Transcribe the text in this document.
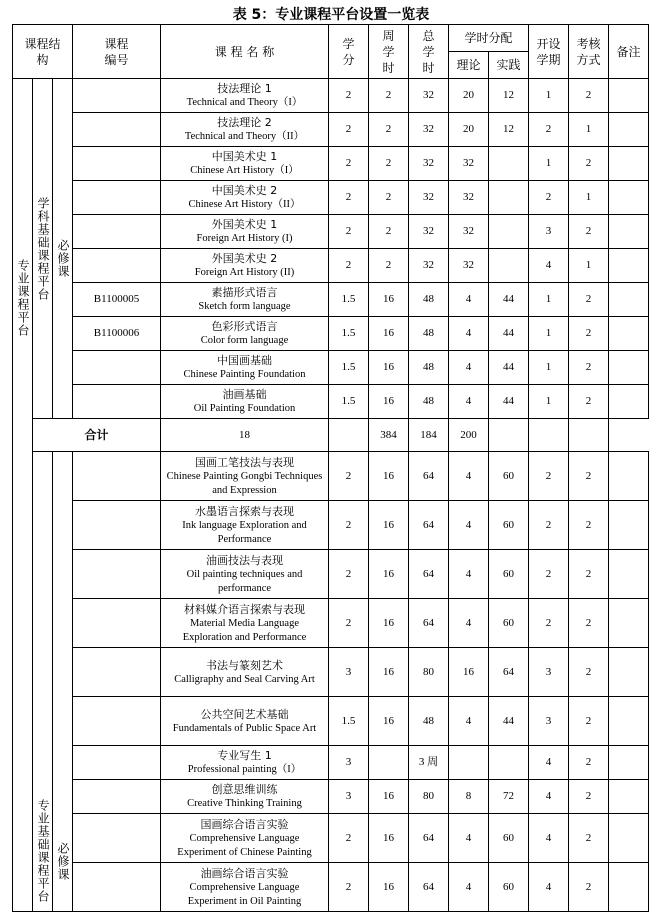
表 5：专业课程平台设置一览表
课程结构			课程编号	课 程 名 称	学分	周学时	总学时	学时分配		开设学期	考核方式	备注
								理论	实践			

专业课程平台	学科基础课程平台	必修课		技法理论 1
Technical and Theory（I）	2	2	32	20	12	1	2	

				技法理论 2
Technical and Theory（II）	2	2	32	20	12	2	1	

				中国美术史 1
Chinese Art History（I）	2	2	32	32		1	2	

				中国美术史 2
Chinese Art History（II）	2	2	32	32		2	1	

				外国美术史 1
Foreign Art History (I)	2	2	32	32		3	2	

				外国美术史 2
Foreign Art History (II)	2	2	32	32		4	1	
			B1100005	素描形式语言
Sketch form language	1.5	16	48	4	44	1	2	
			B1100006	色彩形式语言
Color form language	1.5	16	48	4	44	1	2	

				中国画基础
Chinese Painting Foundation	1.5	16	48	4	44	1	2	

				油画基础
Oil Painting Foundation	1.5	16	48	4	44	1	2	
	合计			18		384	184	200				

	专业基础课程平台	必修课		国画工笔技法与表现
Chinese Painting Gongbi Techniques and Expression	2	16	64	4	60	2	2	

				水墨语言探索与表现
Ink language Exploration and Performance	2	16	64	4	60	2	2	

				油画技法与表现
Oil painting techniques and performance	2	16	64	4	60	2	2	

				材料媒介语言探索与表现
Material Media Language Exploration and Performance	2	16	64	4	60	2	2	

				书法与篆刻艺术
Calligraphy and Seal Carving Art	3	16	80	16	64	3	2	

				公共空间艺术基础
Fundamentals of Public Space Art	1.5	16	48	4	44	3	2	

				专业写生 1
Professional painting（I）	3		3 周			4	2	

				创意思维训练
Creative Thinking Training	3	16	80	8	72	4	2	

				国画综合语言实验
Comprehensive Language Experiment of Chinese Painting	2	16	64	4	60	4	2	

				油画综合语言实验
Comprehensive Language Experiment in Oil Painting	2	16	64	4	60	4	2	
